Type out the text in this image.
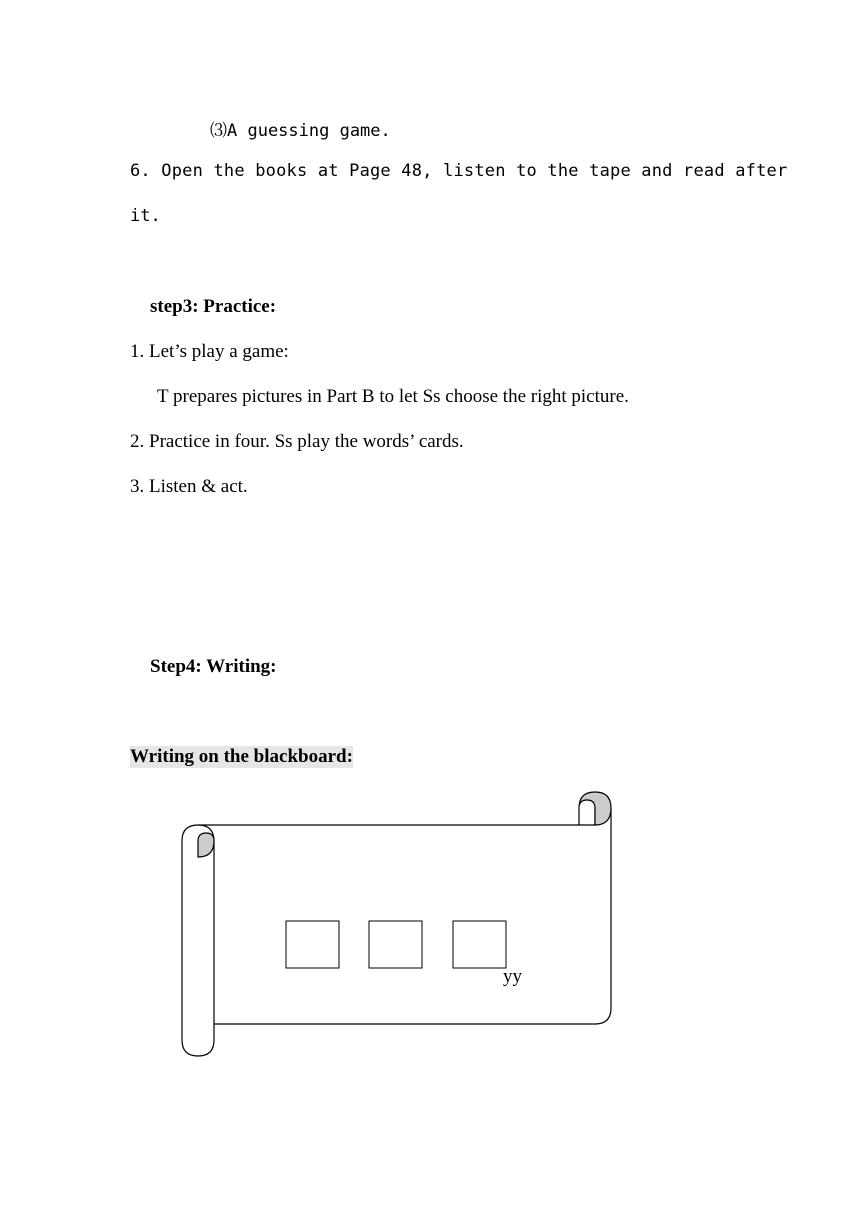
⑶A guessing game.
6. Open the books at Page 48, listen to the tape and read after
it.
step3: Practice:
1. Let’s play a game:
T prepares pictures in Part B to let Ss choose the right picture.
2. Practice in four. Ss play the words’ cards.
3. Listen & act.
Step4: Writing:
Writing on the blackboard:
yy
